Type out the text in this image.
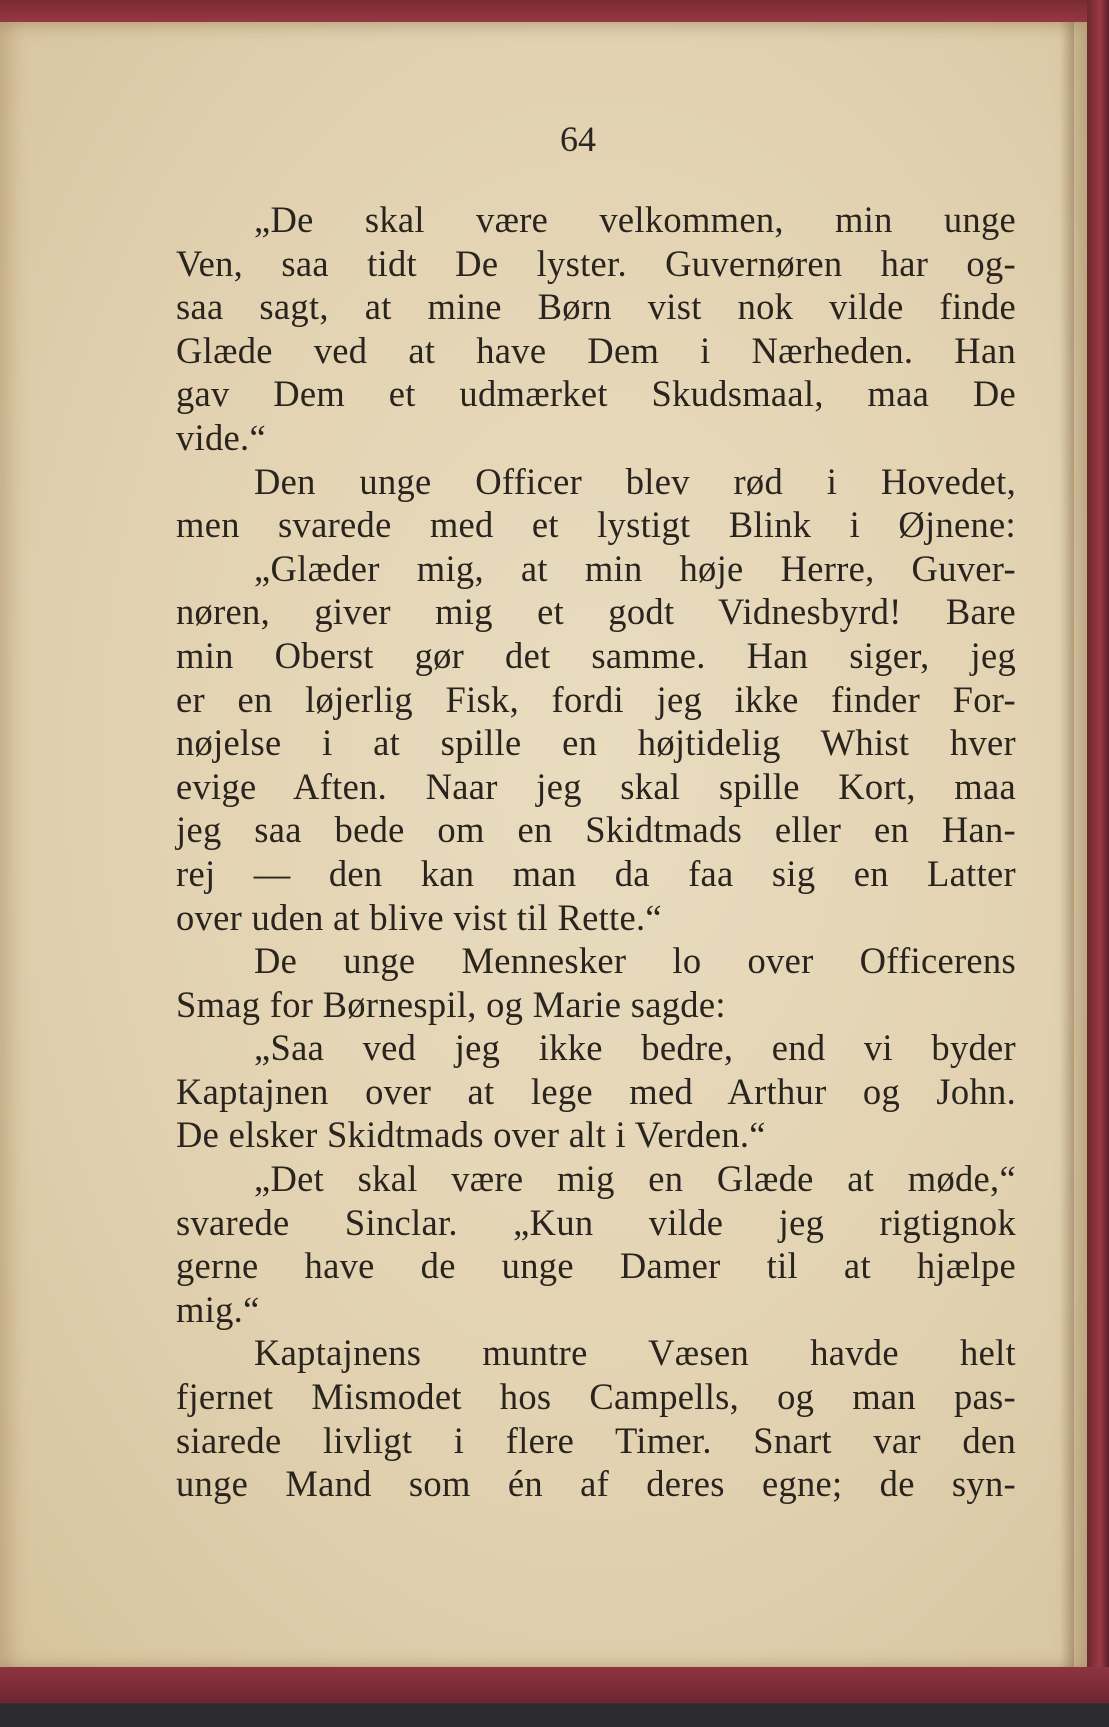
64
„De skal være velkommen, min unge
Ven, saa tidt De lyster. Guvernøren har og-
saa sagt, at mine Børn vist nok vilde finde
Glæde ved at have Dem i Nærheden. Han
gav Dem et udmærket Skudsmaal, maa De
vide.“
Den unge Officer blev rød i Hovedet,
men svarede med et lystigt Blink i Øjnene:
„Glæder mig, at min høje Herre, Guver-
nøren, giver mig et godt Vidnesbyrd! Bare
min Oberst gør det samme. Han siger, jeg
er en løjerlig Fisk, fordi jeg ikke finder For-
nøjelse i at spille en højtidelig Whist hver
evige Aften. Naar jeg skal spille Kort, maa
jeg saa bede om en Skidtmads eller en Han-
rej — den kan man da faa sig en Latter
over uden at blive vist til Rette.“
De unge Mennesker lo over Officerens
Smag for Børnespil, og Marie sagde:
„Saa ved jeg ikke bedre, end vi byder
Kaptajnen over at lege med Arthur og John.
De elsker Skidtmads over alt i Verden.“
„Det skal være mig en Glæde at møde,“
svarede Sinclar. „Kun vilde jeg rigtignok
gerne have de unge Damer til at hjælpe
mig.“
Kaptajnens muntre Væsen havde helt
fjernet Mismodet hos Campells, og man pas-
siarede livligt i flere Timer. Snart var den
unge Mand som én af deres egne; de syn-
